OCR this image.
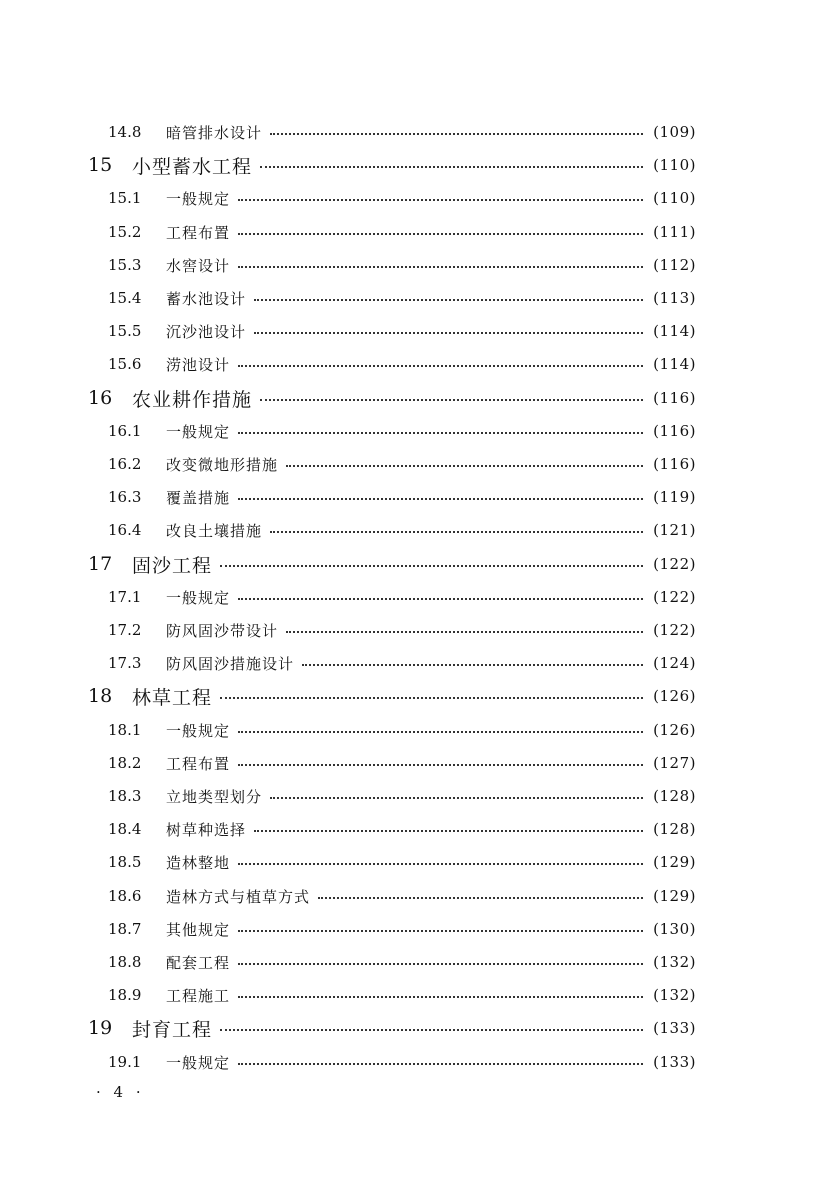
14.8	暗管排水设计	(109)
15	小型蓄水工程	(110)
15.1	一般规定	(110)
15.2	工程布置	(111)
15.3	水窖设计	(112)
15.4	蓄水池设计	(113)
15.5	沉沙池设计	(114)
15.6	涝池设计	(114)
16	农业耕作措施	(116)
16.1	一般规定	(116)
16.2	改变微地形措施	(116)
16.3	覆盖措施	(119)
16.4	改良土壤措施	(121)
17	固沙工程	(122)
17.1	一般规定	(122)
17.2	防风固沙带设计	(122)
17.3	防风固沙措施设计	(124)
18	林草工程	(126)
18.1	一般规定	(126)
18.2	工程布置	(127)
18.3	立地类型划分	(128)
18.4	树草种选择	(128)
18.5	造林整地	(129)
18.6	造林方式与植草方式	(129)
18.7	其他规定	(130)
18.8	配套工程	(132)
18.9	工程施工	(132)
19	封育工程	(133)
19.1	一般规定	(133)
· 4 ·
